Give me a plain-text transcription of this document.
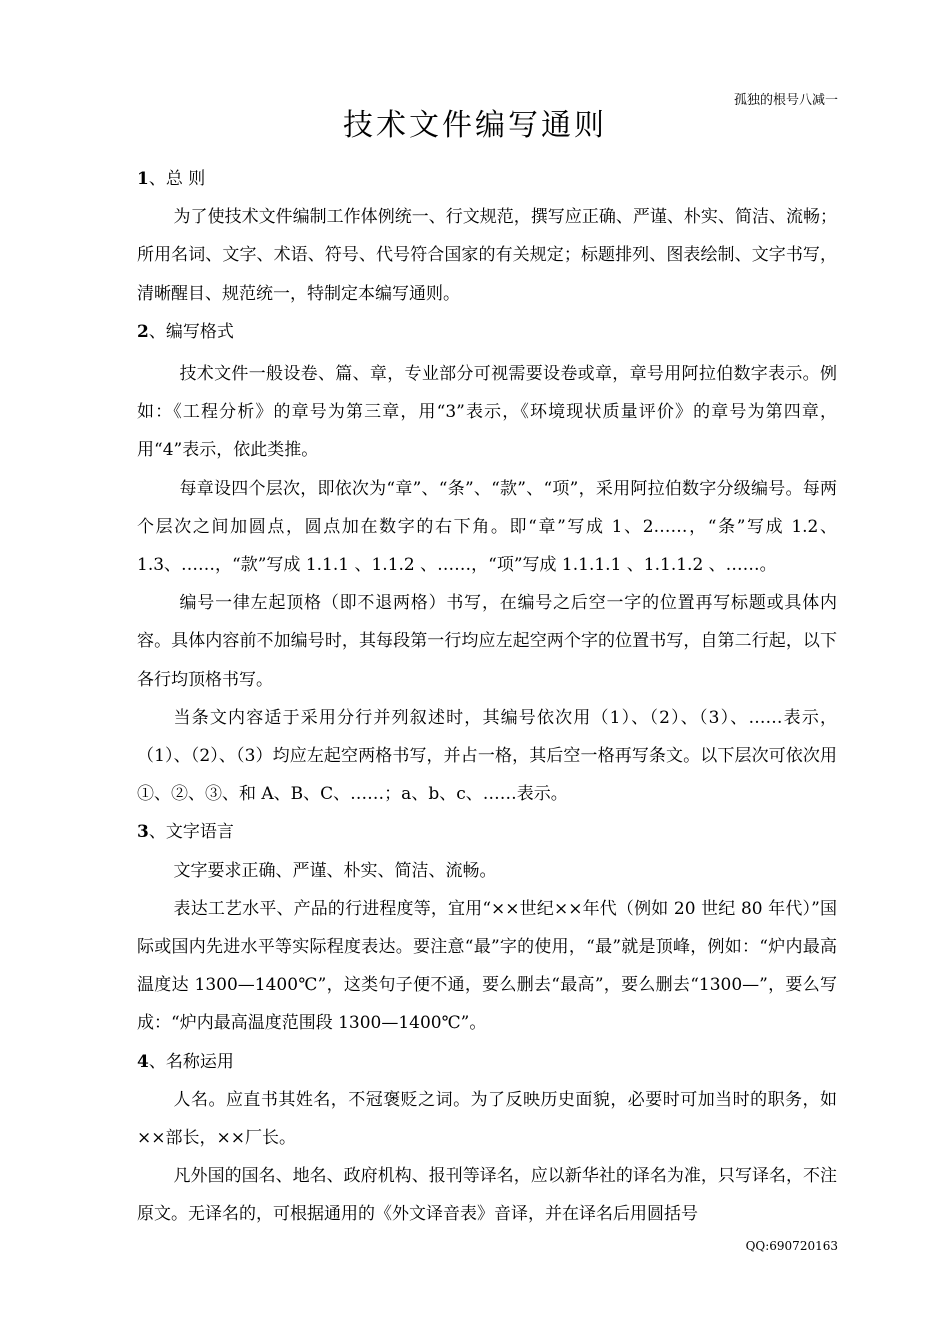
孤独的根号八减一
技术文件编写通则

1、总 则

为了使技术文件编制工作体例统一、行文规范，撰写应正确、严谨、朴实、简洁、流畅；所用名词、文字、术语、符号、代号符合国家的有关规定；标题排列、图表绘制、文字书写，清晰醒目、规范统一，特制定本编写通则。

2、编写格式

技术文件一般设卷、篇、章，专业部分可视需要设卷或章，章号用阿拉伯数字表示。例如：《工程分析》的章号为第三章，用“3”表示，《环境现状质量评价》的章号为第四章，用“4”表示，依此类推。

每章设四个层次，即依次为“章”、“条”、“款”、“项”，采用阿拉伯数字分级编号。每两个层次之间加圆点，圆点加在数字的右下角。即“章”写成 1、2……，“条”写成 1.2、1.3、……，“款”写成 1.1.1 、1.1.2 、……，“项”写成 1.1.1.1 、1.1.1.2 、……。

编号一律左起顶格（即不退两格）书写，在编号之后空一字的位置再写标题或具体内容。具体内容前不加编号时，其每段第一行均应左起空两个字的位置书写，自第二行起，以下各行均顶格书写。

当条文内容适于采用分行并列叙述时，其编号依次用（1）、（2）、（3）、……表示，（1）、（2）、（3）均应左起空两格书写，并占一格，其后空一格再写条文。以下层次可依次用①、②、③、和 A、B、C、……；a、b、c、……表示。

3、文字语言

文字要求正确、严谨、朴实、简洁、流畅。

表达工艺水平、产品的行进程度等，宜用“××世纪××年代（例如 20 世纪 80 年代）”国际或国内先进水平等实际程度表达。要注意“最”字的使用，“最”就是顶峰，例如：“炉内最高温度达 1300—1400℃”，这类句子便不通，要么删去“最高”，要么删去“1300—”，要么写成：“炉内最高温度范围段 1300—1400℃”。

4、名称运用

人名。应直书其姓名，不冠褒贬之词。为了反映历史面貌，必要时可加当时的职务，如××部长，××厂长。

凡外国的国名、地名、政府机构、报刊等译名，应以新华社的译名为准，只写译名，不注原文。无译名的，可根据通用的《外文译音表》音译，并在译名后用圆括号

QQ:690720163
